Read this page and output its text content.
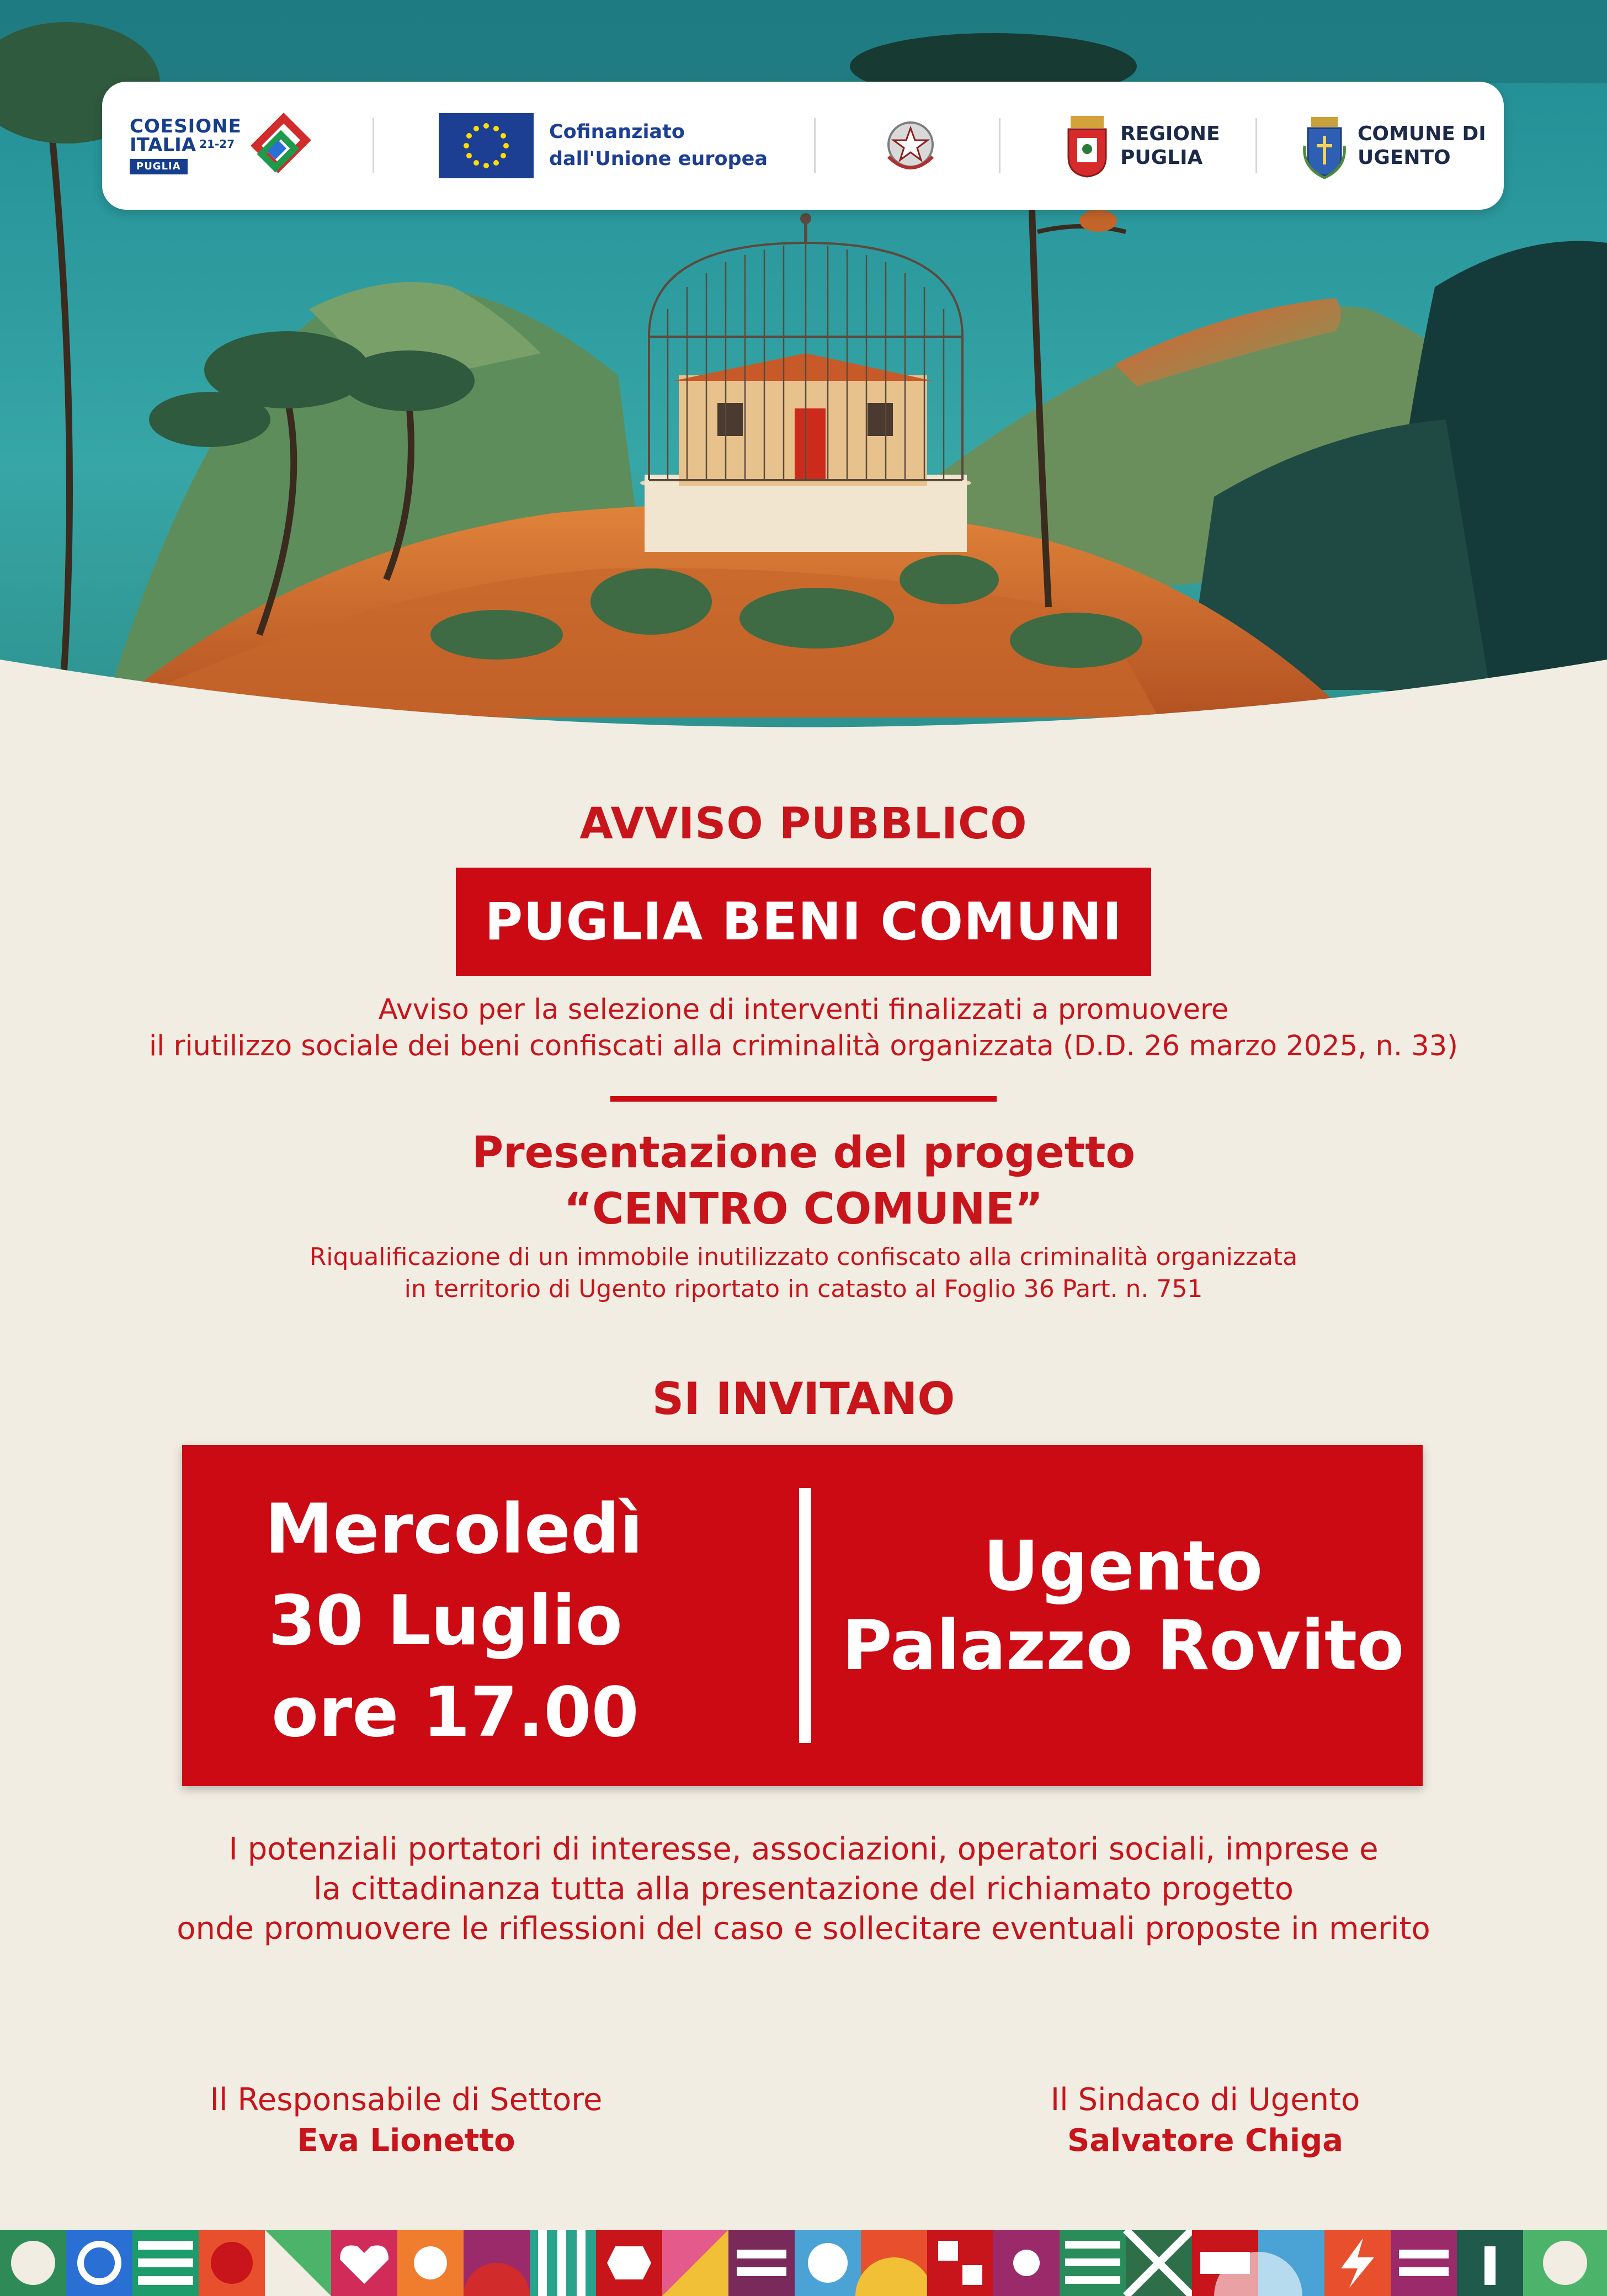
COESIONE
ITALIA 21-27
PUGLIA
Cofinanziato
dall'Unione europea
REGIONE
PUGLIA
COMUNE DI
UGENTO
AVVISO PUBBLICO
PUGLIA BENI COMUNI
Avviso per la selezione di interventi finalizzati a promuovere
il riutilizzo sociale dei beni confiscati alla criminalità organizzata (D.D. 26 marzo 2025, n. 33)
Presentazione del progetto
“CENTRO COMUNE”
Riqualificazione di un immobile inutilizzato confiscato alla criminalità organizzata
in territorio di Ugento riportato in catasto al Foglio 36 Part. n. 751
SI INVITANO
Mercoledì
30 Luglio
ore 17.00
Ugento
Palazzo Rovito
I potenziali portatori di interesse, associazioni, operatori sociali, imprese e
la cittadinanza tutta alla presentazione del richiamato progetto
onde promuovere le riflessioni del caso e sollecitare eventuali proposte in merito
Il Responsabile di Settore
Eva Lionetto
Il Sindaco di Ugento
Salvatore Chiga
